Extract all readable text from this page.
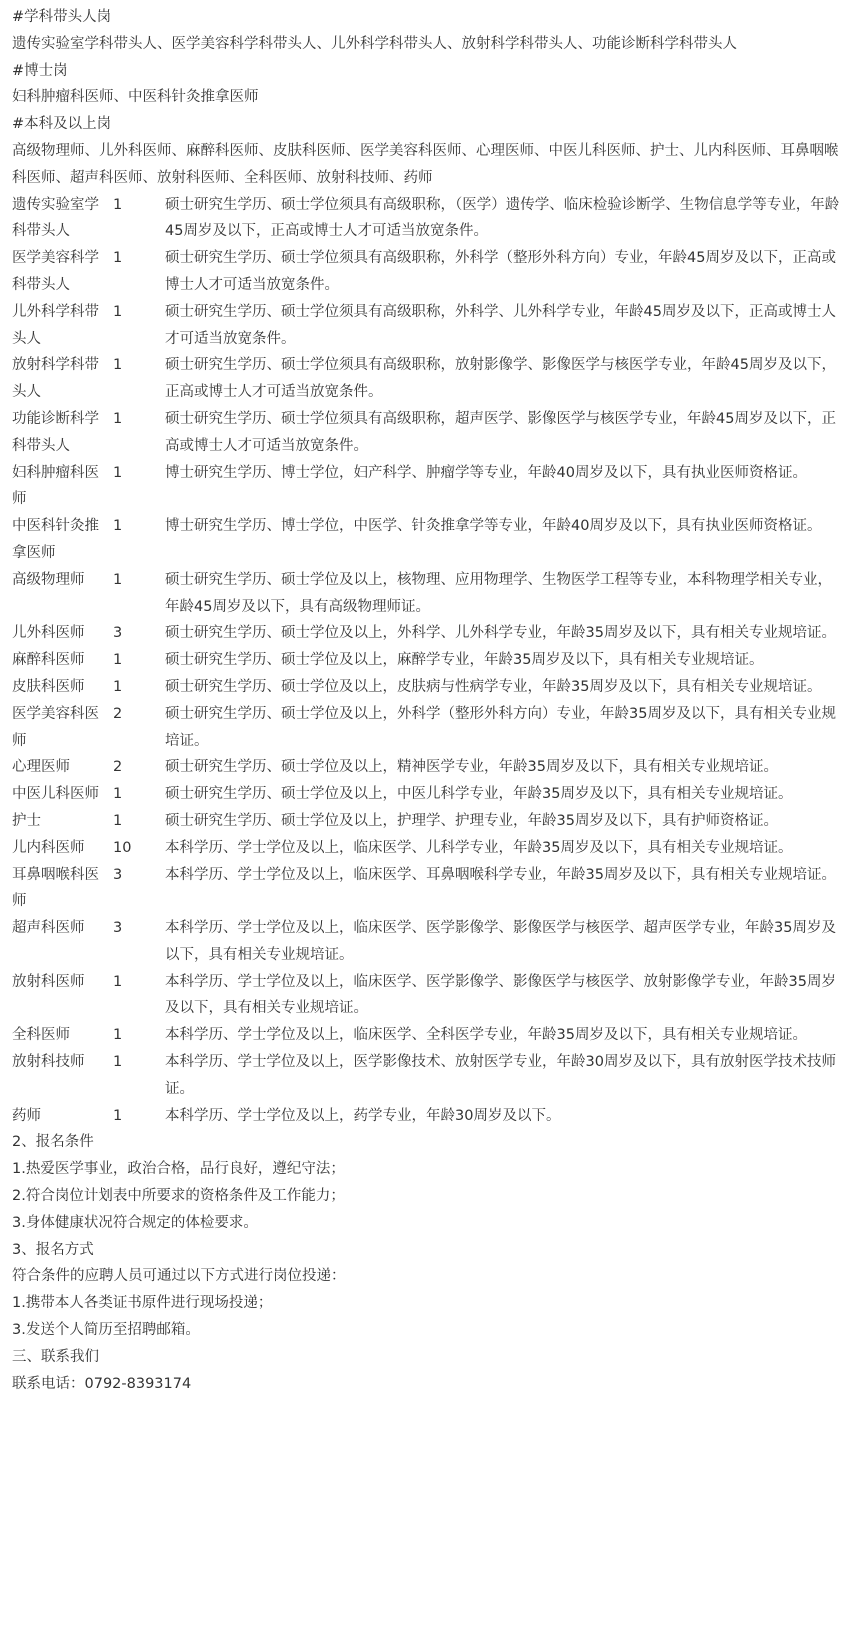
#学科带头人岗

遗传实验室学科带头人、医学美容科学科带头人、儿外科学科带头人、放射科学科带头人、功能诊断科学科带头人

#博士岗

妇科肿瘤科医师、中医科针灸推拿医师

#本科及以上岗

高级物理师、儿外科医师、麻醉科医师、皮肤科医师、医学美容科医师、心理医师、中医儿科医师、护士、儿内科医师、耳鼻咽喉科医师、超声科医师、放射科医师、全科医师、放射科技师、药师

遗传实验室学科带头人	1	硕士研究生学历、硕士学位须具有高级职称，（医学）遗传学、临床检验诊断学、生物信息学等专业，年龄45周岁及以下，正高或博士人才可适当放宽条件。
医学美容科学科带头人	1	硕士研究生学历、硕士学位须具有高级职称，外科学（整形外科方向）专业，年龄45周岁及以下，正高或博士人才可适当放宽条件。
儿外科学科带头人	1	硕士研究生学历、硕士学位须具有高级职称，外科学、儿外科学专业，年龄45周岁及以下，正高或博士人才可适当放宽条件。
放射科学科带头人	1	硕士研究生学历、硕士学位须具有高级职称，放射影像学、影像医学与核医学专业，年龄45周岁及以下，正高或博士人才可适当放宽条件。
功能诊断科学科带头人	1	硕士研究生学历、硕士学位须具有高级职称，超声医学、影像医学与核医学专业，年龄45周岁及以下，正高或博士人才可适当放宽条件。
妇科肿瘤科医师	1	博士研究生学历、博士学位，妇产科学、肿瘤学等专业，年龄40周岁及以下，具有执业医师资格证。
中医科针灸推拿医师	1	博士研究生学历、博士学位，中医学、针灸推拿学等专业，年龄40周岁及以下，具有执业医师资格证。
高级物理师	1	硕士研究生学历、硕士学位及以上，核物理、应用物理学、生物医学工程等专业，本科物理学相关专业，年龄45周岁及以下，具有高级物理师证。
儿外科医师	3	硕士研究生学历、硕士学位及以上，外科学、儿外科学专业，年龄35周岁及以下，具有相关专业规培证。
麻醉科医师	1	硕士研究生学历、硕士学位及以上，麻醉学专业，年龄35周岁及以下，具有相关专业规培证。
皮肤科医师	1	硕士研究生学历、硕士学位及以上，皮肤病与性病学专业，年龄35周岁及以下，具有相关专业规培证。
医学美容科医师	2	硕士研究生学历、硕士学位及以上，外科学（整形外科方向）专业，年龄35周岁及以下，具有相关专业规培证。
心理医师	2	硕士研究生学历、硕士学位及以上，精神医学专业，年龄35周岁及以下，具有相关专业规培证。
中医儿科医师	1	硕士研究生学历、硕士学位及以上，中医儿科学专业，年龄35周岁及以下，具有相关专业规培证。
护士	1	硕士研究生学历、硕士学位及以上，护理学、护理专业，年龄35周岁及以下，具有护师资格证。
儿内科医师	10	本科学历、学士学位及以上，临床医学、儿科学专业，年龄35周岁及以下，具有相关专业规培证。
耳鼻咽喉科医师	3	本科学历、学士学位及以上，临床医学、耳鼻咽喉科学专业，年龄35周岁及以下，具有相关专业规培证。
超声科医师	3	本科学历、学士学位及以上，临床医学、医学影像学、影像医学与核医学、超声医学专业，年龄35周岁及以下，具有相关专业规培证。
放射科医师	1	本科学历、学士学位及以上，临床医学、医学影像学、影像医学与核医学、放射影像学专业，年龄35周岁及以下，具有相关专业规培证。
全科医师	1	本科学历、学士学位及以上，临床医学、全科医学专业，年龄35周岁及以下，具有相关专业规培证。
放射科技师	1	本科学历、学士学位及以上，医学影像技术、放射医学专业，年龄30周岁及以下，具有放射医学技术技师证。
药师	1	本科学历、学士学位及以上，药学专业，年龄30周岁及以下。

2、报名条件

1.热爱医学事业，政治合格，品行良好，遵纪守法；

2.符合岗位计划表中所要求的资格条件及工作能力；

3.身体健康状况符合规定的体检要求。

3、报名方式

符合条件的应聘人员可通过以下方式进行岗位投递：

1.携带本人各类证书原件进行现场投递；

3.发送个人简历至招聘邮箱。

三、联系我们

联系电话：0792-8393174
